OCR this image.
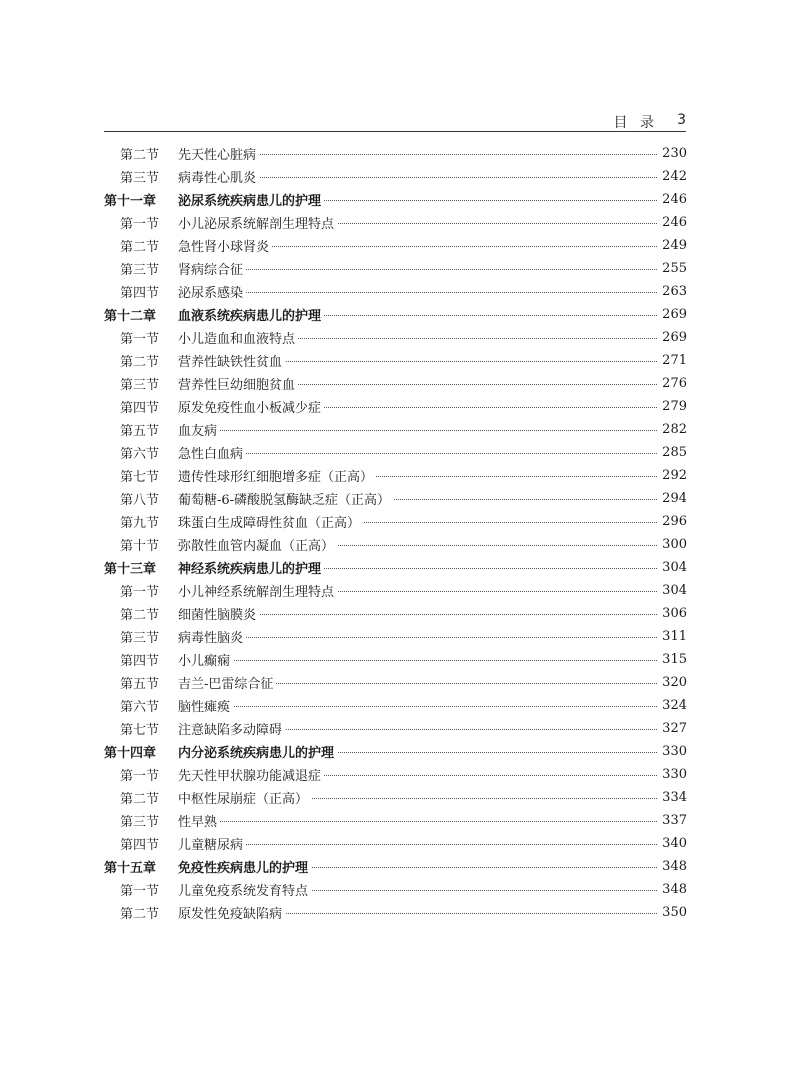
目 录 3
第二节	先天性心脏病	230
第三节	病毒性心肌炎	242
第十一章	泌尿系统疾病患儿的护理	246
第一节	小儿泌尿系统解剖生理特点	246
第二节	急性肾小球肾炎	249
第三节	肾病综合征	255
第四节	泌尿系感染	263
第十二章	血液系统疾病患儿的护理	269
第一节	小儿造血和血液特点	269
第二节	营养性缺铁性贫血	271
第三节	营养性巨幼细胞贫血	276
第四节	原发免疫性血小板减少症	279
第五节	血友病	282
第六节	急性白血病	285
第七节	遗传性球形红细胞增多症（正高）	292
第八节	葡萄糖-6-磷酸脱氢酶缺乏症（正高）	294
第九节	珠蛋白生成障碍性贫血（正高）	296
第十节	弥散性血管内凝血（正高）	300
第十三章	神经系统疾病患儿的护理	304
第一节	小儿神经系统解剖生理特点	304
第二节	细菌性脑膜炎	306
第三节	病毒性脑炎	311
第四节	小儿癫痫	315
第五节	吉兰-巴雷综合征	320
第六节	脑性瘫痪	324
第七节	注意缺陷多动障碍	327
第十四章	内分泌系统疾病患儿的护理	330
第一节	先天性甲状腺功能减退症	330
第二节	中枢性尿崩症（正高）	334
第三节	性早熟	337
第四节	儿童糖尿病	340
第十五章	免疫性疾病患儿的护理	348
第一节	儿童免疫系统发育特点	348
第二节	原发性免疫缺陷病	350
